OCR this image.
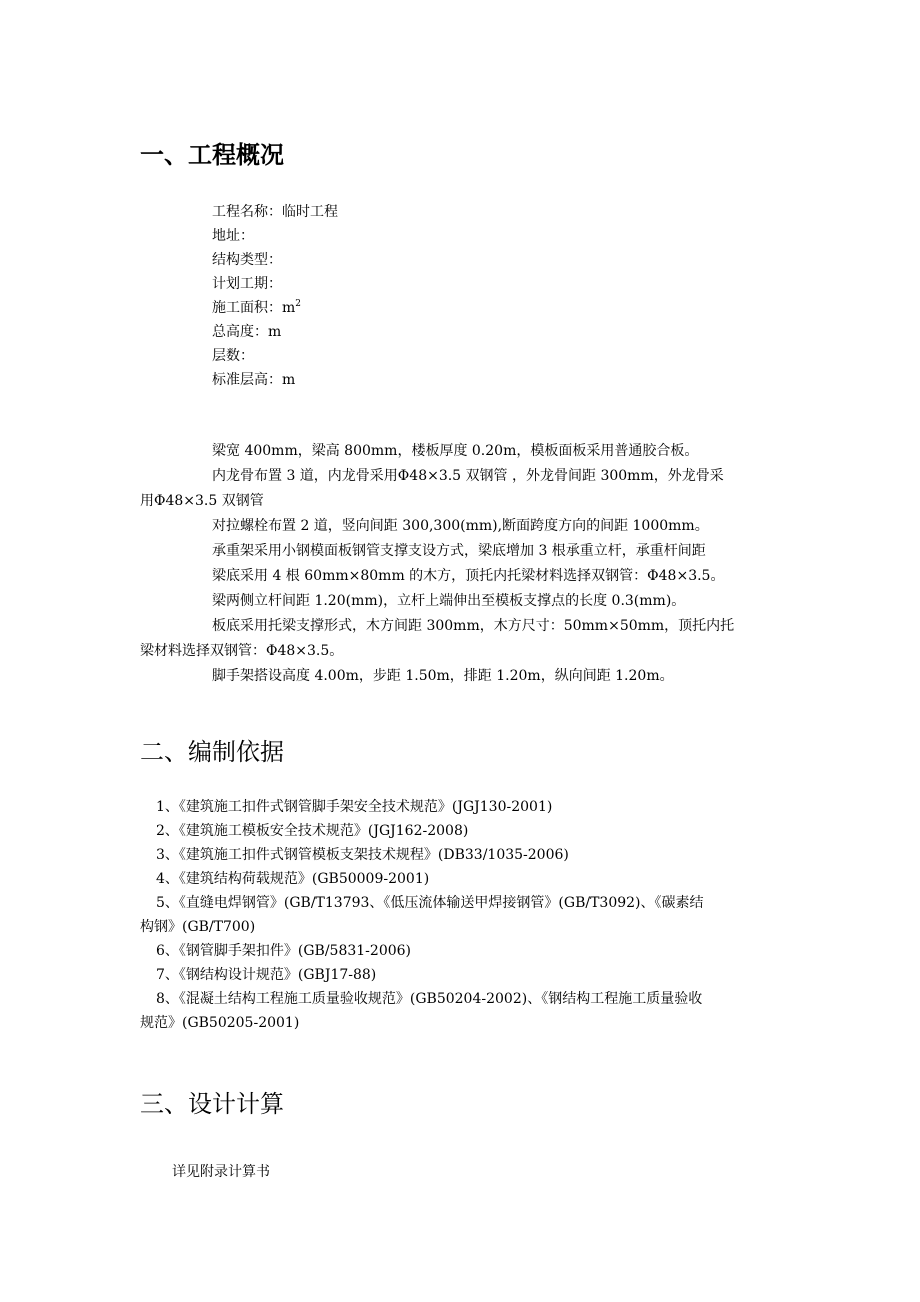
一、工程概况
工程名称：临时工程
地址：
结构类型：
计划工期：
施工面积：$m^2$
总高度：m
层数：
标准层高：m
梁宽 400mm，梁高 800mm，楼板厚度 0.20m，模板面板采用普通胶合板。
内龙骨布置 3 道，内龙骨采用Φ48×3.5 双钢管 ，外龙骨间距 300mm，外龙骨采
用Φ48×3.5 双钢管
对拉螺栓布置 2 道，竖向间距 300,300(mm),断面跨度方向的间距 1000mm。
承重架采用小钢模面板钢管支撑支设方式，梁底增加 3 根承重立杆，承重杆间距
梁底采用 4 根 60mm×80mm 的木方，顶托内托梁材料选择双钢管：Φ48×3.5。
梁两侧立杆间距 1.20(mm)，立杆上端伸出至模板支撑点的长度 0.3(mm)。
板底采用托梁支撑形式，木方间距 300mm，木方尺寸：50mm×50mm，顶托内托
梁材料选择双钢管：Φ48×3.5。
脚手架搭设高度 4.00m，步距 1.50m，排距 1.20m，纵向间距 1.20m。
二、编制依据
1、《建筑施工扣件式钢管脚手架安全技术规范》(JGJ130-2001)
2、《建筑施工模板安全技术规范》(JGJ162-2008)
3、《建筑施工扣件式钢管模板支架技术规程》(DB33/1035-2006)
4、《建筑结构荷载规范》(GB50009-2001)
5、《直缝电焊钢管》(GB/T13793、《低压流体输送甲焊接钢管》(GB/T3092)、《碳素结
构钢》(GB/T700)
6、《钢管脚手架扣件》(GB/5831-2006)
7、《钢结构设计规范》(GBJ17-88)
8、《混凝土结构工程施工质量验收规范》(GB50204-2002)、《钢结构工程施工质量验收
规范》(GB50205-2001)
三、设计计算
详见附录计算书
